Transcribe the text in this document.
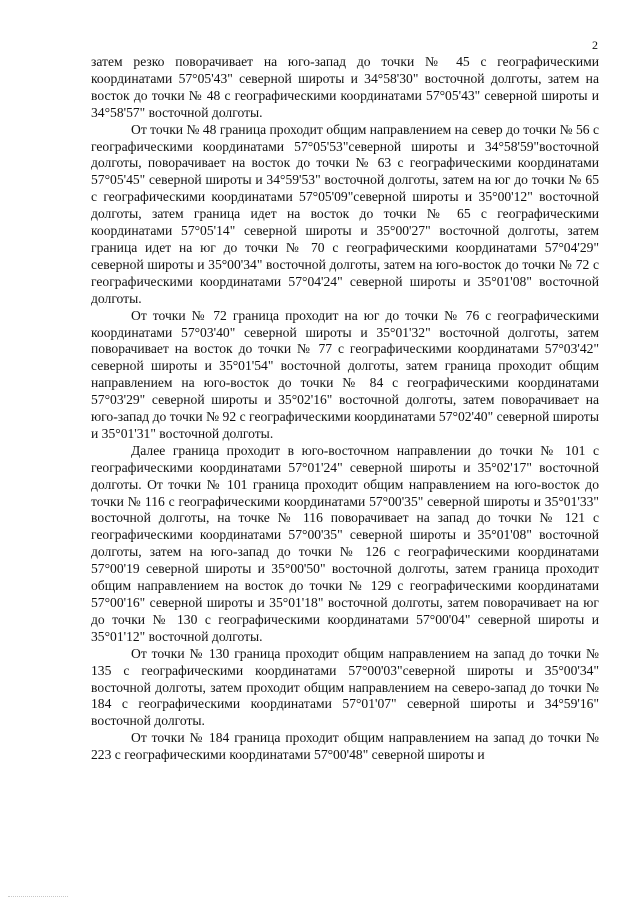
2

затем резко поворачивает на юго-запад до точки № 45 с географическими координатами 57°05'43" северной широты и 34°58'30" восточной долготы, затем на восток до точки № 48 с географическими координатами 57°05'43" северной широты и 34°58'57" восточной долготы.

От точки № 48 граница проходит общим направлением на север до точки № 56 с географическими координатами 57°05'53"северной широты и 34°58'59"восточной долготы, поворачивает на восток до точки № 63 с географическими координатами 57°05'45" северной широты и 34°59'53" восточной долготы, затем на юг до точки № 65 с географическими координатами 57°05'09"северной широты и 35°00'12" восточной долготы, затем граница идет на восток до точки № 65 с географическими координатами 57°05'14" северной широты и 35°00'27" восточной долготы, затем граница идет на юг до точки № 70 с географическими координатами 57°04'29" северной широты и 35°00'34" восточной долготы, затем на юго-восток до точки № 72 с географическими координатами 57°04'24" северной широты и 35°01'08" восточной долготы.

От точки № 72 граница проходит на юг до точки № 76 с географическими координатами 57°03'40" северной широты и 35°01'32" восточной долготы, затем поворачивает на восток до точки № 77 с географическими координатами 57°03'42" северной широты и 35°01'54" восточной долготы, затем граница проходит общим направлением на юго-восток до точки № 84 с географическими координатами 57°03'29" северной широты и 35°02'16" восточной долготы, затем поворачивает на юго-запад до точки № 92 с географическими координатами 57°02'40" северной широты и 35°01'31" восточной долготы.

Далее граница проходит в юго-восточном направлении до точки № 101 с географическими координатами 57°01'24" северной широты и 35°02'17" восточной долготы. От точки № 101 граница проходит общим направлением на юго-восток до точки № 116 с географическими координатами 57°00'35" северной широты и 35°01'33" восточной долготы, на точке № 116 поворачивает на запад до точки № 121 с географическими координатами 57°00'35" северной широты и 35°01'08" восточной долготы, затем на юго-запад до точки № 126 с географическими координатами 57°00'19 северной широты и 35°00'50" восточной долготы, затем граница проходит общим направлением на восток до точки № 129 с географическими координатами 57°00'16" северной широты и 35°01'18" восточной долготы, затем поворачивает на юг до точки № 130 с географическими координатами 57°00'04" северной широты и 35°01'12" восточной долготы.

От точки № 130 граница проходит общим направлением на запад до точки № 135 с географическими координатами 57°00'03"северной широты и 35°00'34" восточной долготы, затем проходит общим направлением на северо-запад до точки № 184 с географическими координатами 57°01'07" северной широты и 34°59'16" восточной долготы.

От точки № 184 граница проходит общим направлением на запад до точки № 223 с географическими координатами 57°00'48" северной широты и
